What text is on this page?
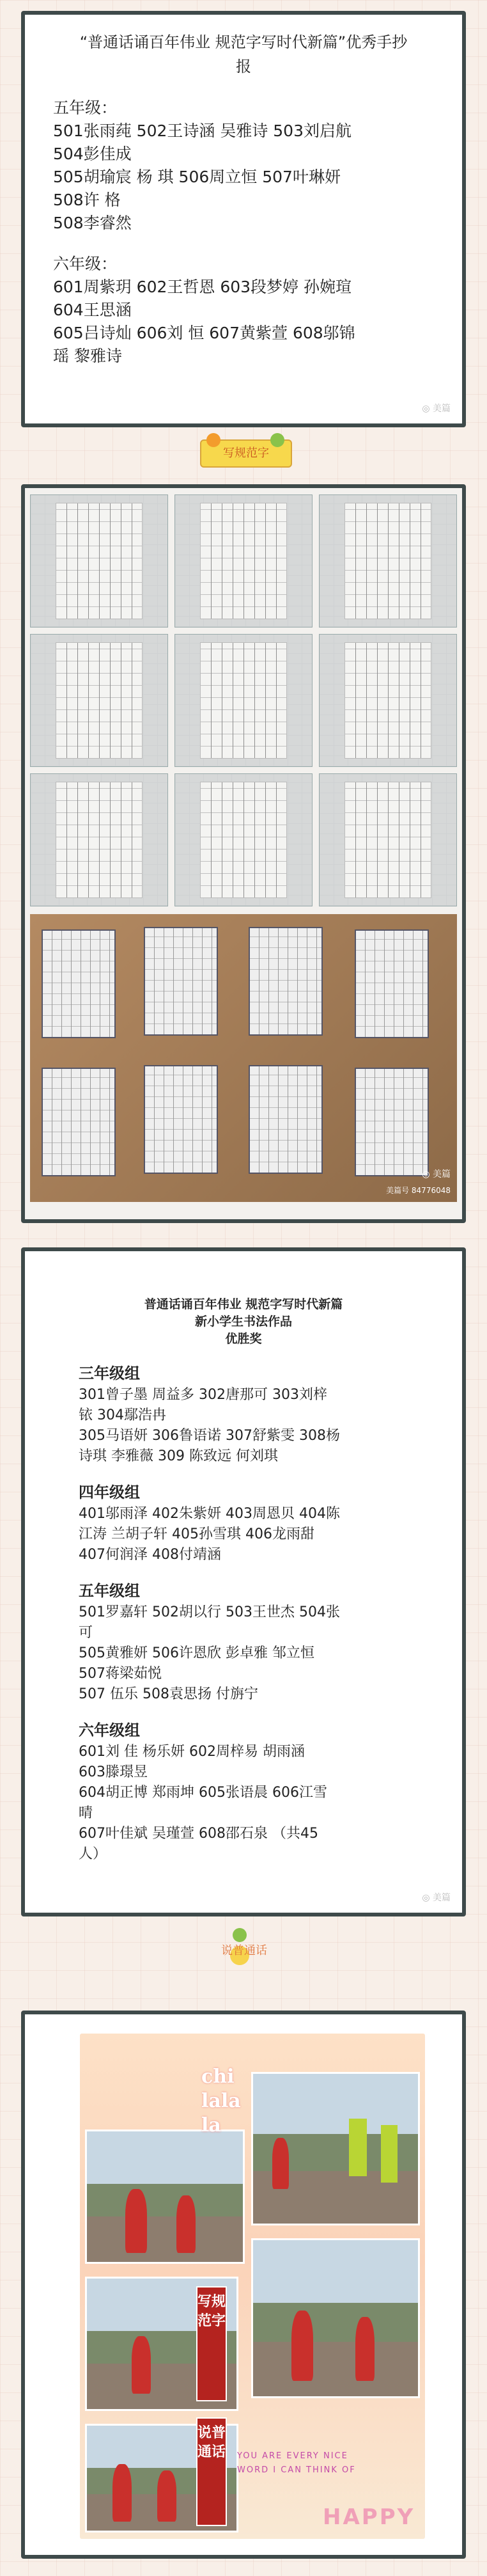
“普通话诵百年伟业 规范字写时代新篇”优秀手抄报
五年级：
501张雨莼 502王诗涵 吴雅诗 503刘启航
504彭佳成
505胡瑜宸 杨 琪 506周立恒 507叶琳妍
508许 格
508李睿然
六年级：
601周紫玥 602王哲恩 603段梦婷 孙婉瑄
604王思涵
605吕诗灿 606刘 恒 607黄紫萱 608邬锦
瑶 黎雅诗
◎ 美篇
写规范字
◎ 美篇
美篇号 84776048
普通话诵百年伟业 规范字写时代新篇
新小学生书法作品
优胜奖
三年级组
301曾子墨 周益多 302唐那可 303刘梓
铱 304鄢浩冉
305马语妍 306鲁语诺 307舒紫雯 308杨
诗琪 李雅薇 309 陈致远 何刘琪
四年级组
401邬雨泽 402朱紫妍 403周恩贝 404陈
江涛 兰胡子轩 405孙雪琪 406龙雨甜
407何润泽 408付靖涵
五年级组
501罗嘉轩 502胡以行 503王世杰 504张
可
505黄雅妍 506许恩欣 彭卓雅 邹立恒
507蒋梁茹悦
507 伍乐 508袁思扬 付旃宁
六年级组
601刘 佳 杨乐妍 602周梓易 胡雨涵
603滕璟昱
604胡正博 郑雨坤 605张语晨 606江雪
晴
607叶佳斌 吴瑾萱 608邵石泉 （共45
人）
◎ 美篇
说普通话
写规范字
说普通话
chi
lala
la
YOU ARE EVERY NICE WORD I CAN THINK OF
HAPPY
